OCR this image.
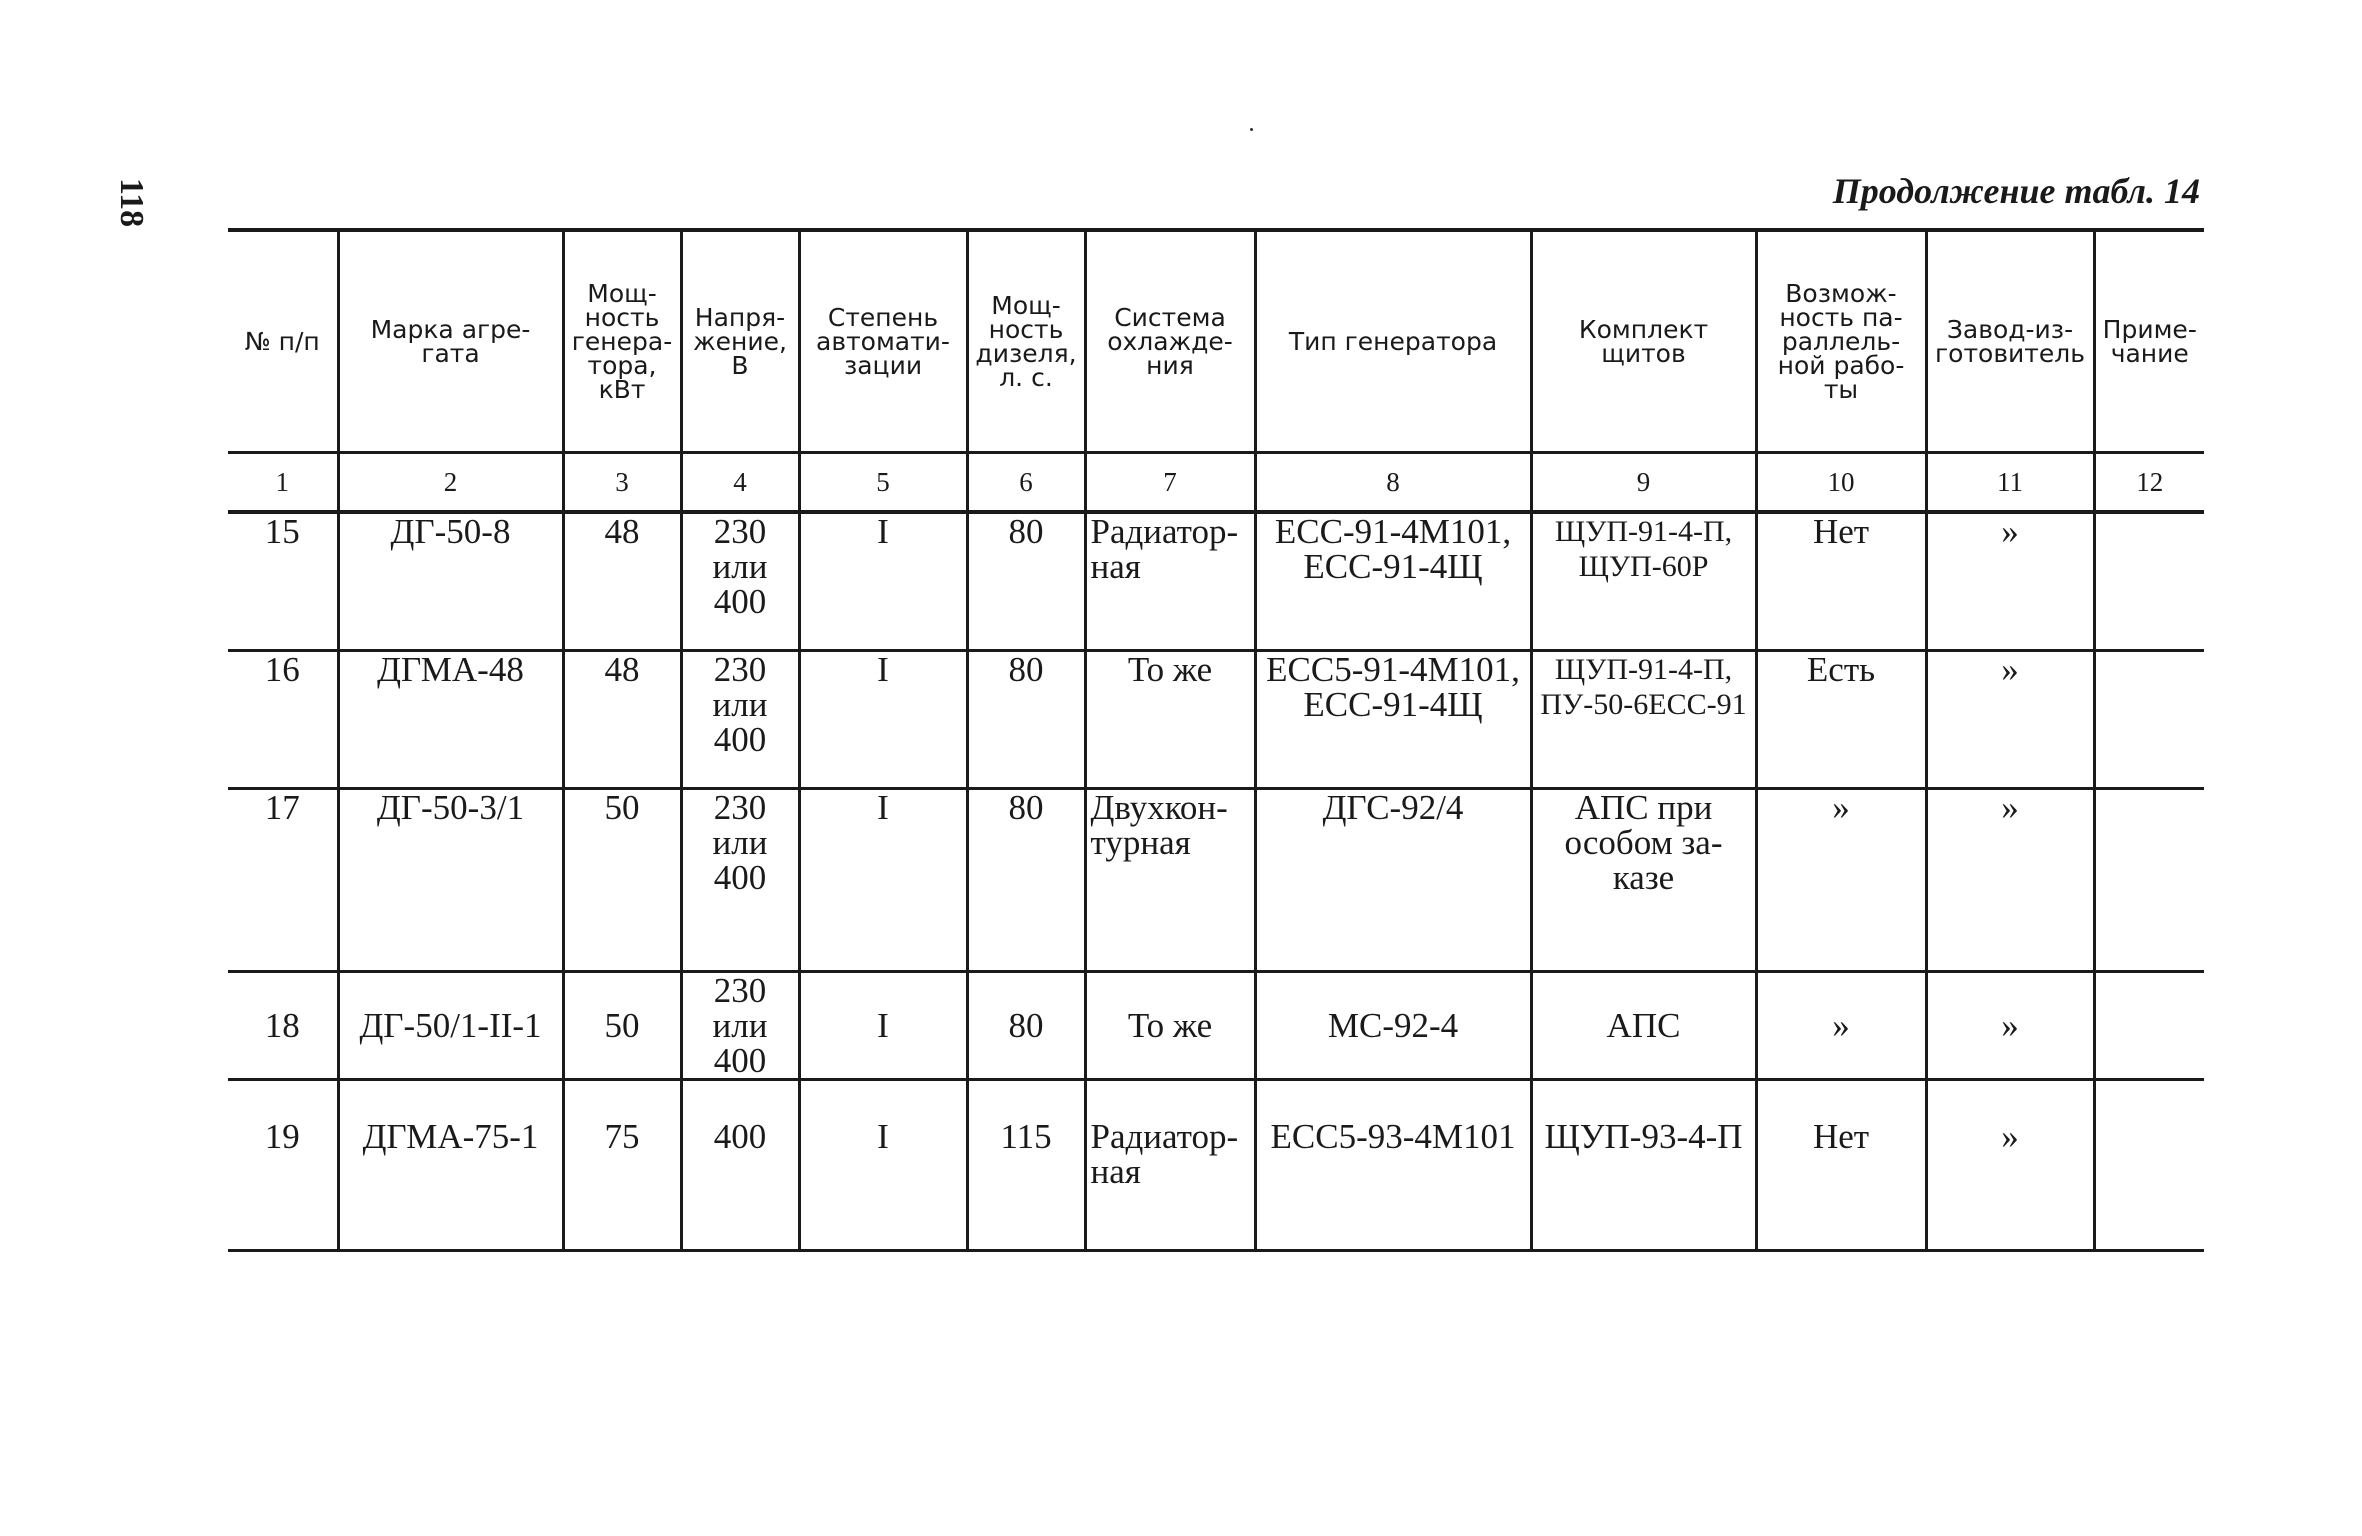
118	Продолжение табл. 14
№ п/п	Марка агре-гата	Мощ-ность генера-тора, кВт	Напря-жение, В	Степень автомати-зации	Мощ-ность дизеля, л. с.	Система охлажде-ния	Тип генератора	Комплект щитов	Возмож-ность па-раллель-ной рабо-ты	Завод-из-готовитель	Приме-чание
1	2	3	4	5	6	7	8	9	10	11	12
15	ДГ-50-8	48	230 или 400	I	80	Радиатор-ная	ЕСС-91-4М101, ЕСС-91-4Щ	ЩУП-91-4-П, ЩУП-60Р	Нет	»	
16	ДГМА-48	48	230 или 400	I	80	То же	ЕСС5-91-4М101, ЕСС-91-4Щ	ЩУП-91-4-П, ПУ-50-6ЕСС-91	Есть	»	
17	ДГ-50-3/1	50	230 или 400	I	80	Двухкон-турная	ДГС-92/4	АПС при особом за-казе	»	»	
18	ДГ-50/1-II-1	50	230 или 400	I	80	То же	МС-92-4	АПС	»	»	
19	ДГМА-75-1	75	400	I	115	Радиатор-ная	ЕСС5-93-4М101	ЩУП-93-4-П	Нет	»	
